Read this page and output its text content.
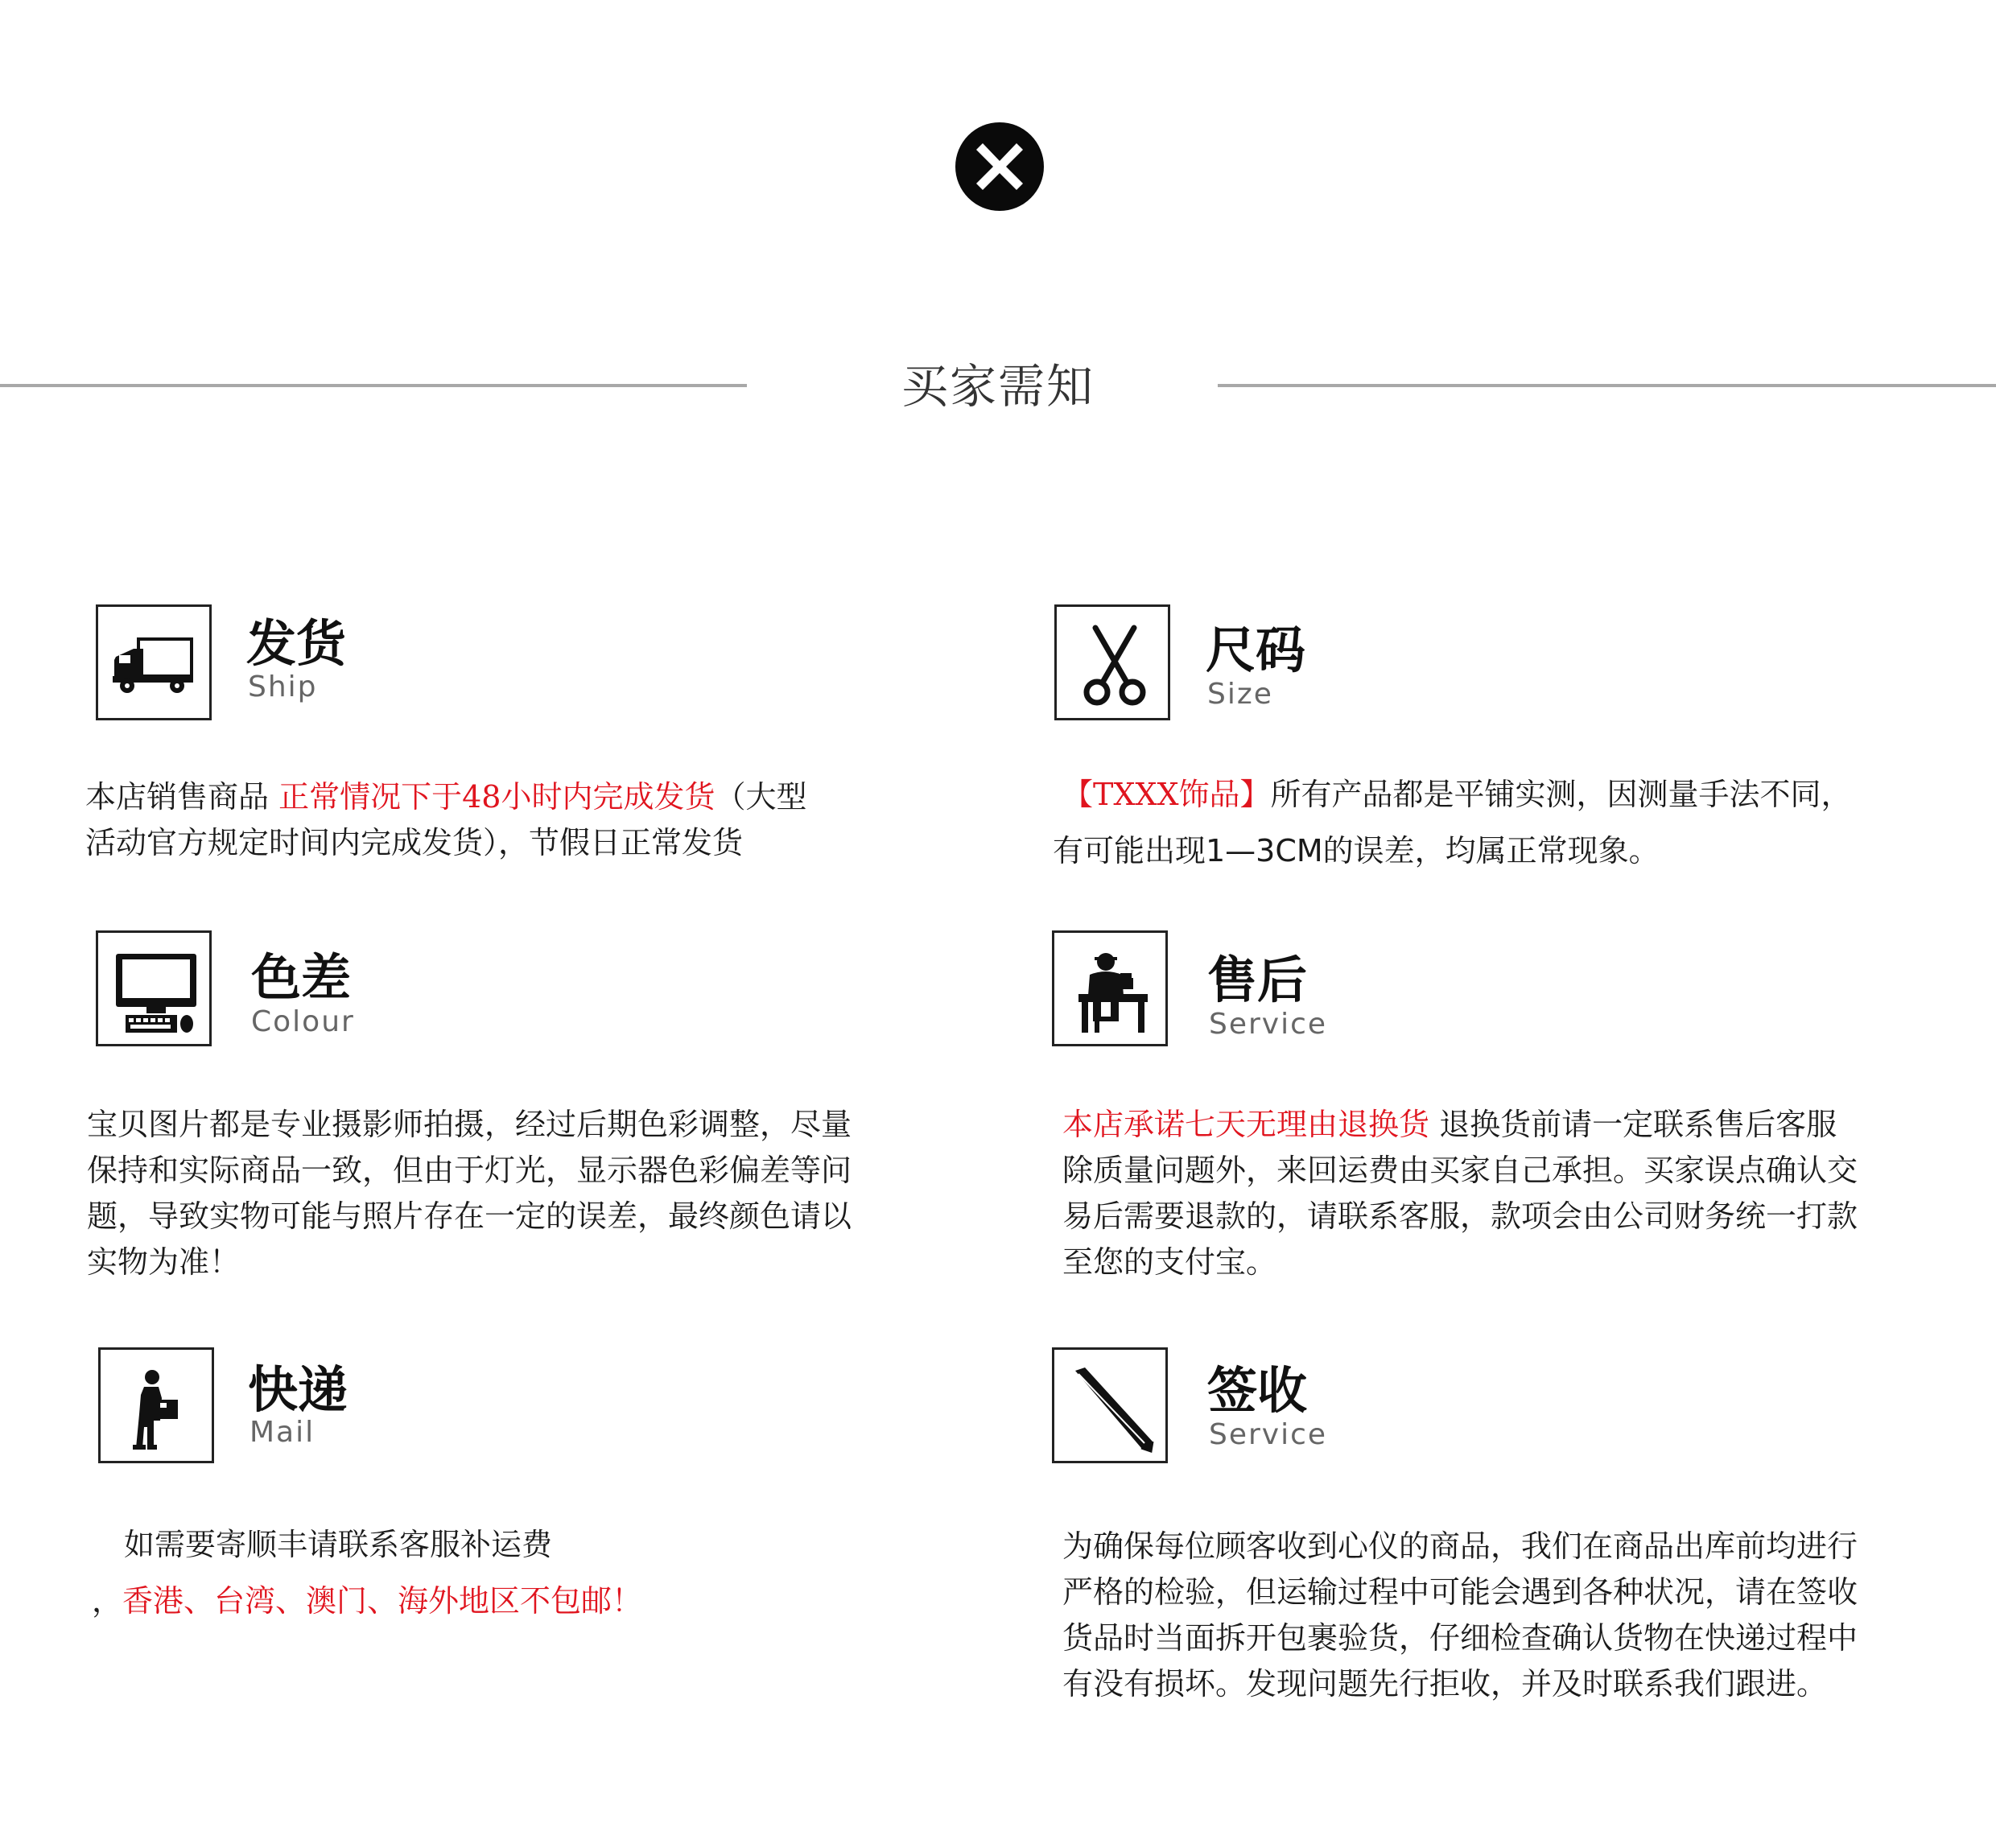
买家需知
发货
Ship
本店销售商品 正常情况下于48小时内完成发货（大型
活动官方规定时间内完成发货），节假日正常发货
尺码
Size
【TXXX饰品】所有产品都是平铺实测，因测量手法不同，
有可能出现1—3CM的误差，均属正常现象。
色差
Colour
宝贝图片都是专业摄影师拍摄，经过后期色彩调整，尽量
保持和实际商品一致，但由于灯光，显示器色彩偏差等问
题，导致实物可能与照片存在一定的误差，最终颜色请以
实物为准！
售后
Service
本店承诺七天无理由退换货 退换货前请一定联系售后客服
除质量问题外，来回运费由买家自己承担。买家误点确认交
易后需要退款的，请联系客服，款项会由公司财务统一打款
至您的支付宝。
快递
Mail
如需要寄顺丰请联系客服补运费
，香港、台湾、澳门、海外地区不包邮！
签收
Service
为确保每位顾客收到心仪的商品，我们在商品出库前均进行
严格的检验，但运输过程中可能会遇到各种状况，请在签收
货品时当面拆开包裹验货，仔细检查确认货物在快递过程中
有没有损坏。发现问题先行拒收，并及时联系我们跟进。
